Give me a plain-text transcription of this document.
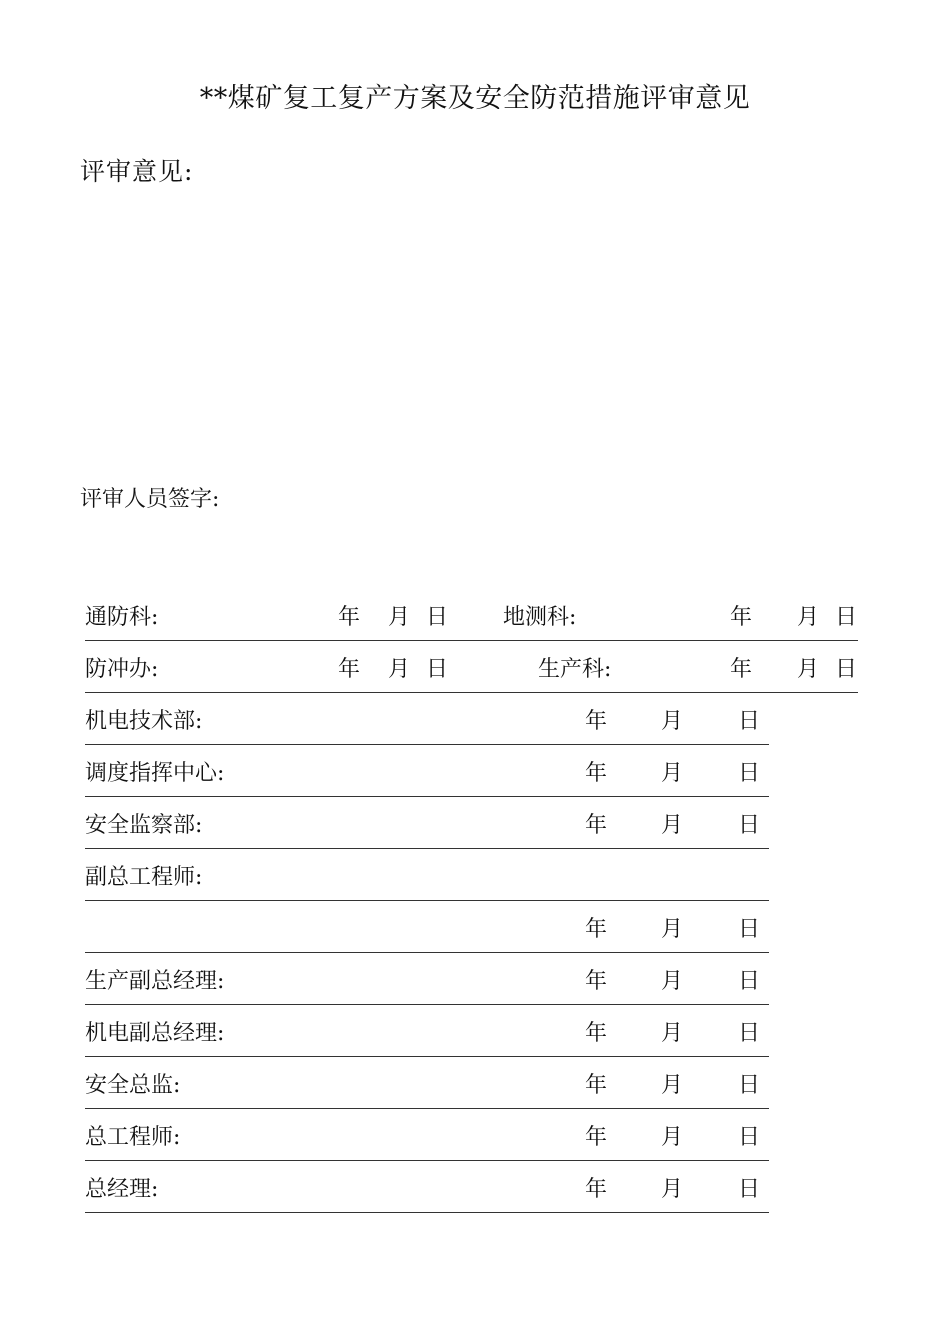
**煤矿复工复产方案及安全防范措施评审意见
评审意见:
评审人员签字:
通防科:	年 月 日 地测科:	年 月 日
防冲办:	年 月 日	生产科:	年 月 日
机电技术部:	年 月 日
调度指挥中心:	年 月 日
安全监察部:	年 月 日
副总工程师:
年 月 日
生产副总经理:	年 月 日
机电副总经理:	年 月 日
安全总监:	年 月 日
总工程师:	年 月 日
总经理:	年 月 日
